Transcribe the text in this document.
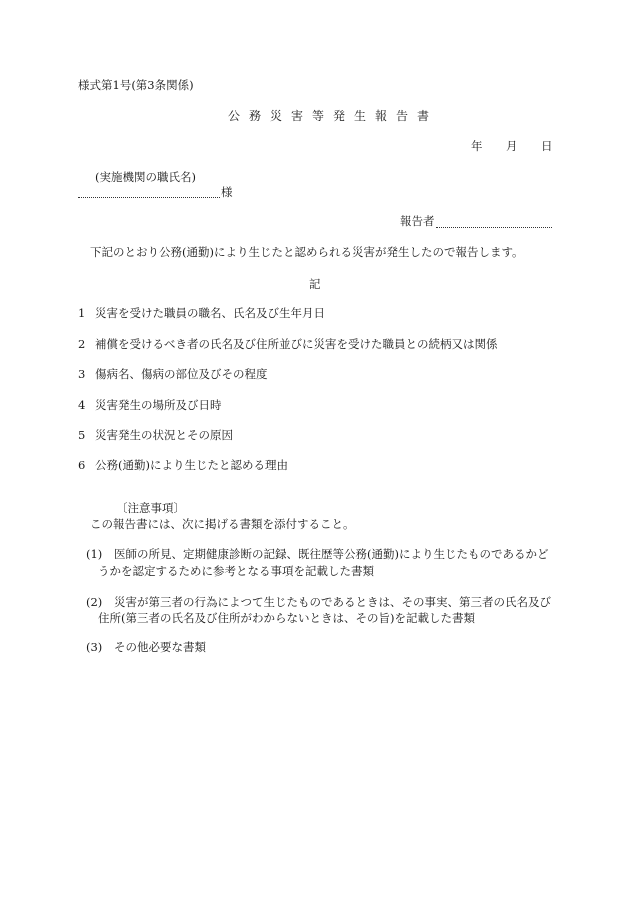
様式第1号(第3条関係)
公務災害等発生報告書
年 月 日
(実施機関の職氏名)
様
報告者
下記のとおり公務(通勤)により生じたと認められる災害が発生したので報告します。
記
1 災害を受けた職員の職名、氏名及び生年月日
2 補償を受けるべき者の氏名及び住所並びに災害を受けた職員との続柄又は関係
3 傷病名、傷病の部位及びその程度
4 災害発生の場所及び日時
5 災害発生の状況とその原因
6 公務(通勤)により生じたと認める理由
〔注意事項〕
この報告書には、次に掲げる書類を添付すること。
(1) 医師の所見、定期健康診断の記録、既往歴等公務(通勤)により生じたものであるかど
うかを認定するために参考となる事項を記載した書類
(2) 災害が第三者の行為によつて生じたものであるときは、その事実、第三者の氏名及び
住所(第三者の氏名及び住所がわからないときは、その旨)を記載した書類
(3) その他必要な書類
